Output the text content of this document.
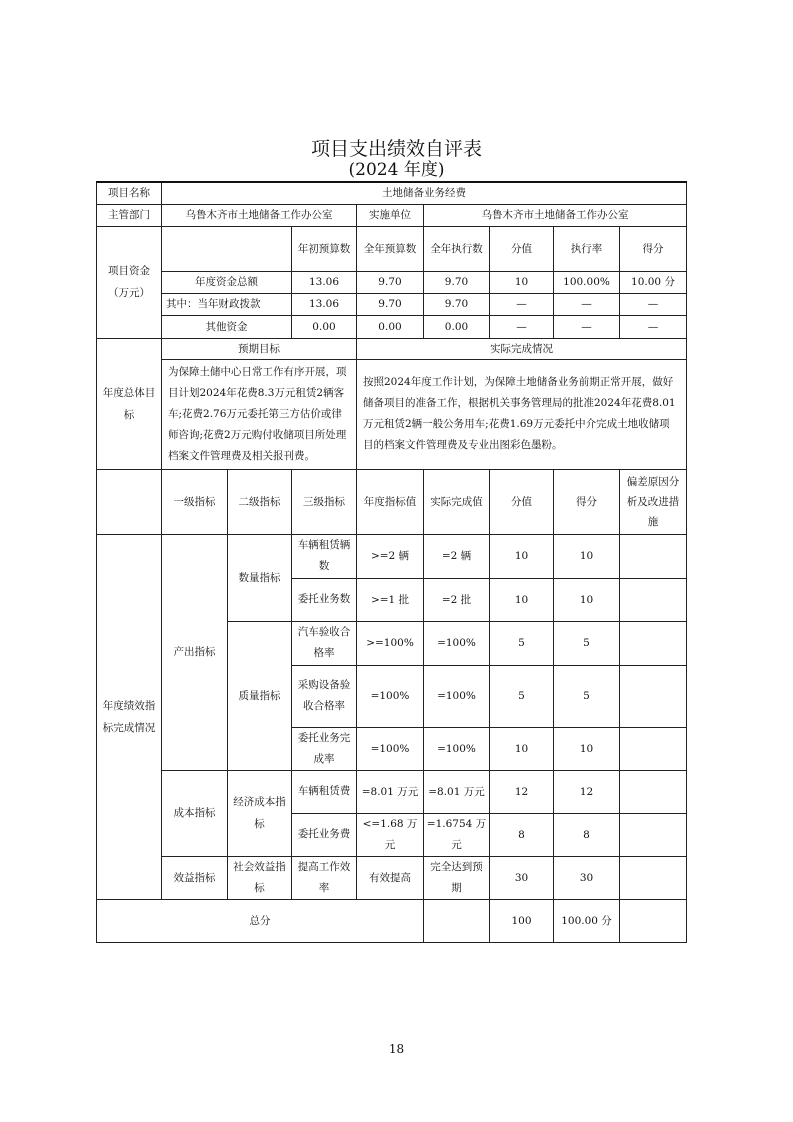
项目支出绩效自评表
(2024 年度)
项目名称	土地储备业务经费							
主管部门	乌鲁木齐市土地储备工作办公室			实施单位	乌鲁木齐市土地储备工作办公室			
项目资金
（万元）			年初预算数	全年预算数	全年执行数	分值	执行率	得分
	年度资金总额		13.06	9.70	9.70	10	100.00%	10.00 分
	其中：当年财政拨款		13.06	9.70	9.70	—	—	—
	其他资金		0.00	0.00	0.00	—	—	—
年度总体目标	预期目标			实际完成情况				
	为保障土储中心日常工作有序开展，项目计划2024年花费8.3万元租赁2辆客车;花费2.76万元委托第三方估价或律师咨询;花费2万元购付收储项目所处理档案文件管理费及相关报刊费。			按照2024年度工作计划，为保障土地储备业务前期正常开展，做好储备项目的准备工作，根据机关事务管理局的批准2024年花费8.01万元租赁2辆一般公务用车;花费1.69万元委托中介完成土地收储项目的档案文件管理费及专业出图彩色墨粉。				
	一级指标	二级指标	三级指标	年度指标值	实际完成值	分值	得分	偏差原因分析及改进措施
年度绩效指标完成情况	产出指标	数量指标	车辆租赁辆数	>=2 辆	=2 辆	10	10	
			委托业务数	>=1 批	=2 批	10	10	
		质量指标	汽车验收合格率	>=100%	=100%	5	5	
			采购设备验收合格率	=100%	=100%	5	5	
			委托业务完成率	=100%	=100%	10	10	
	成本指标	经济成本指标	车辆租赁费	=8.01 万元	=8.01 万元	12	12	
			委托业务费	<=1.68 万元	=1.6754 万元	8	8	
	效益指标	社会效益指标	提高工作效率	有效提高	完全达到预期	30	30	
总分						100	100.00 分	
18
